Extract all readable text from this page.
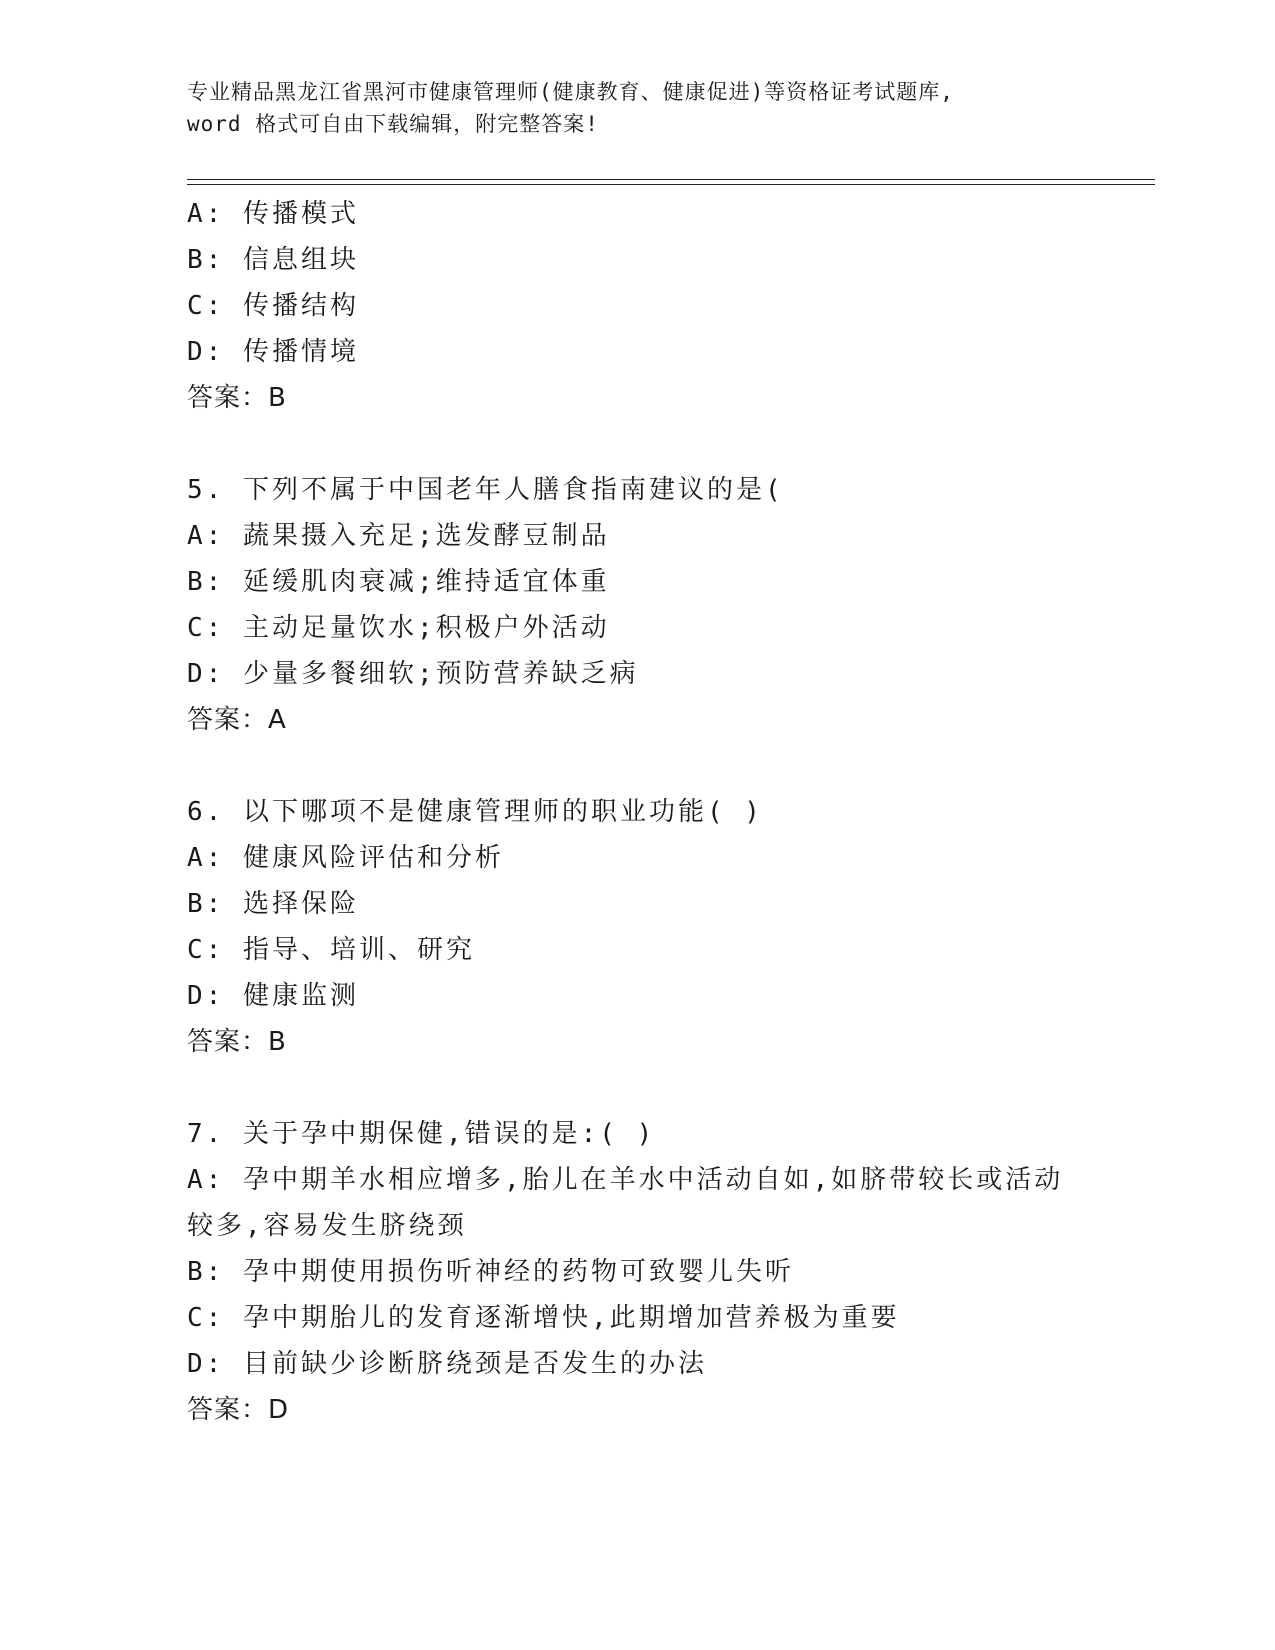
专业精品黑龙江省黑河市健康管理师(健康教育、健康促进)等资格证考试题库,
word 格式可自由下载编辑，附完整答案!
A: 传播模式
B: 信息组块
C: 传播结构
D: 传播情境
答案：B
5. 下列不属于中国老年人膳食指南建议的是(
A: 蔬果摄入充足;选发酵豆制品
B: 延缓肌肉衰减;维持适宜体重
C: 主动足量饮水;积极户外活动
D: 少量多餐细软;预防营养缺乏病
答案：A
6. 以下哪项不是健康管理师的职业功能( )
A: 健康风险评估和分析
B: 选择保险
C: 指导、培训、研究
D: 健康监测
答案：B
7. 关于孕中期保健,错误的是:( )
A: 孕中期羊水相应增多,胎儿在羊水中活动自如,如脐带较长或活动较多,容易发生脐绕颈
B: 孕中期使用损伤听神经的药物可致婴儿失听
C: 孕中期胎儿的发育逐渐增快,此期增加营养极为重要
D: 目前缺少诊断脐绕颈是否发生的办法
答案：D
